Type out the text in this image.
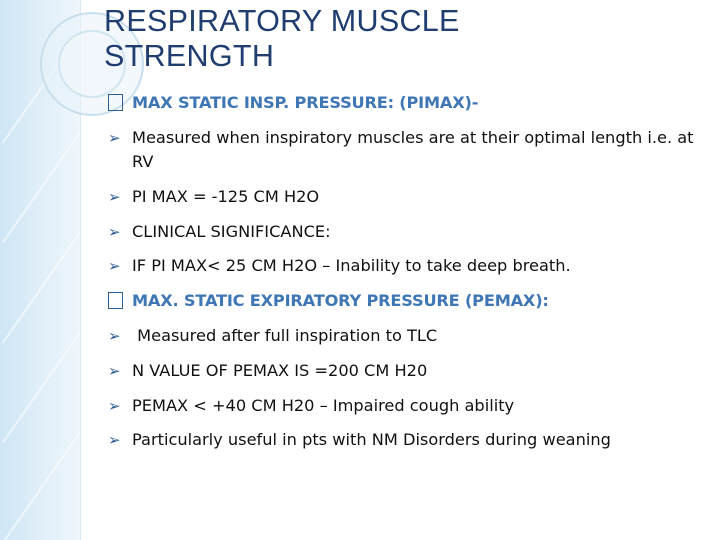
RESPIRATORY MUSCLE
STRENGTH
MAX STATIC INSP. PRESSURE: (PIMAX)-
➢ Measured when inspiratory muscles are at their optimal length i.e. at RV
➢ PI MAX = -125 CM H2O
➢ CLINICAL SIGNIFICANCE:
➢ IF PI MAX< 25 CM H2O – Inability to take deep breath.
MAX. STATIC EXPIRATORY PRESSURE (PEMAX):
➢ Measured after full inspiration to TLC
➢ N VALUE OF PEMAX IS =200 CM H20
➢ PEMAX < +40 CM H20 – Impaired cough ability
➢ Particularly useful in pts with NM Disorders during weaning
